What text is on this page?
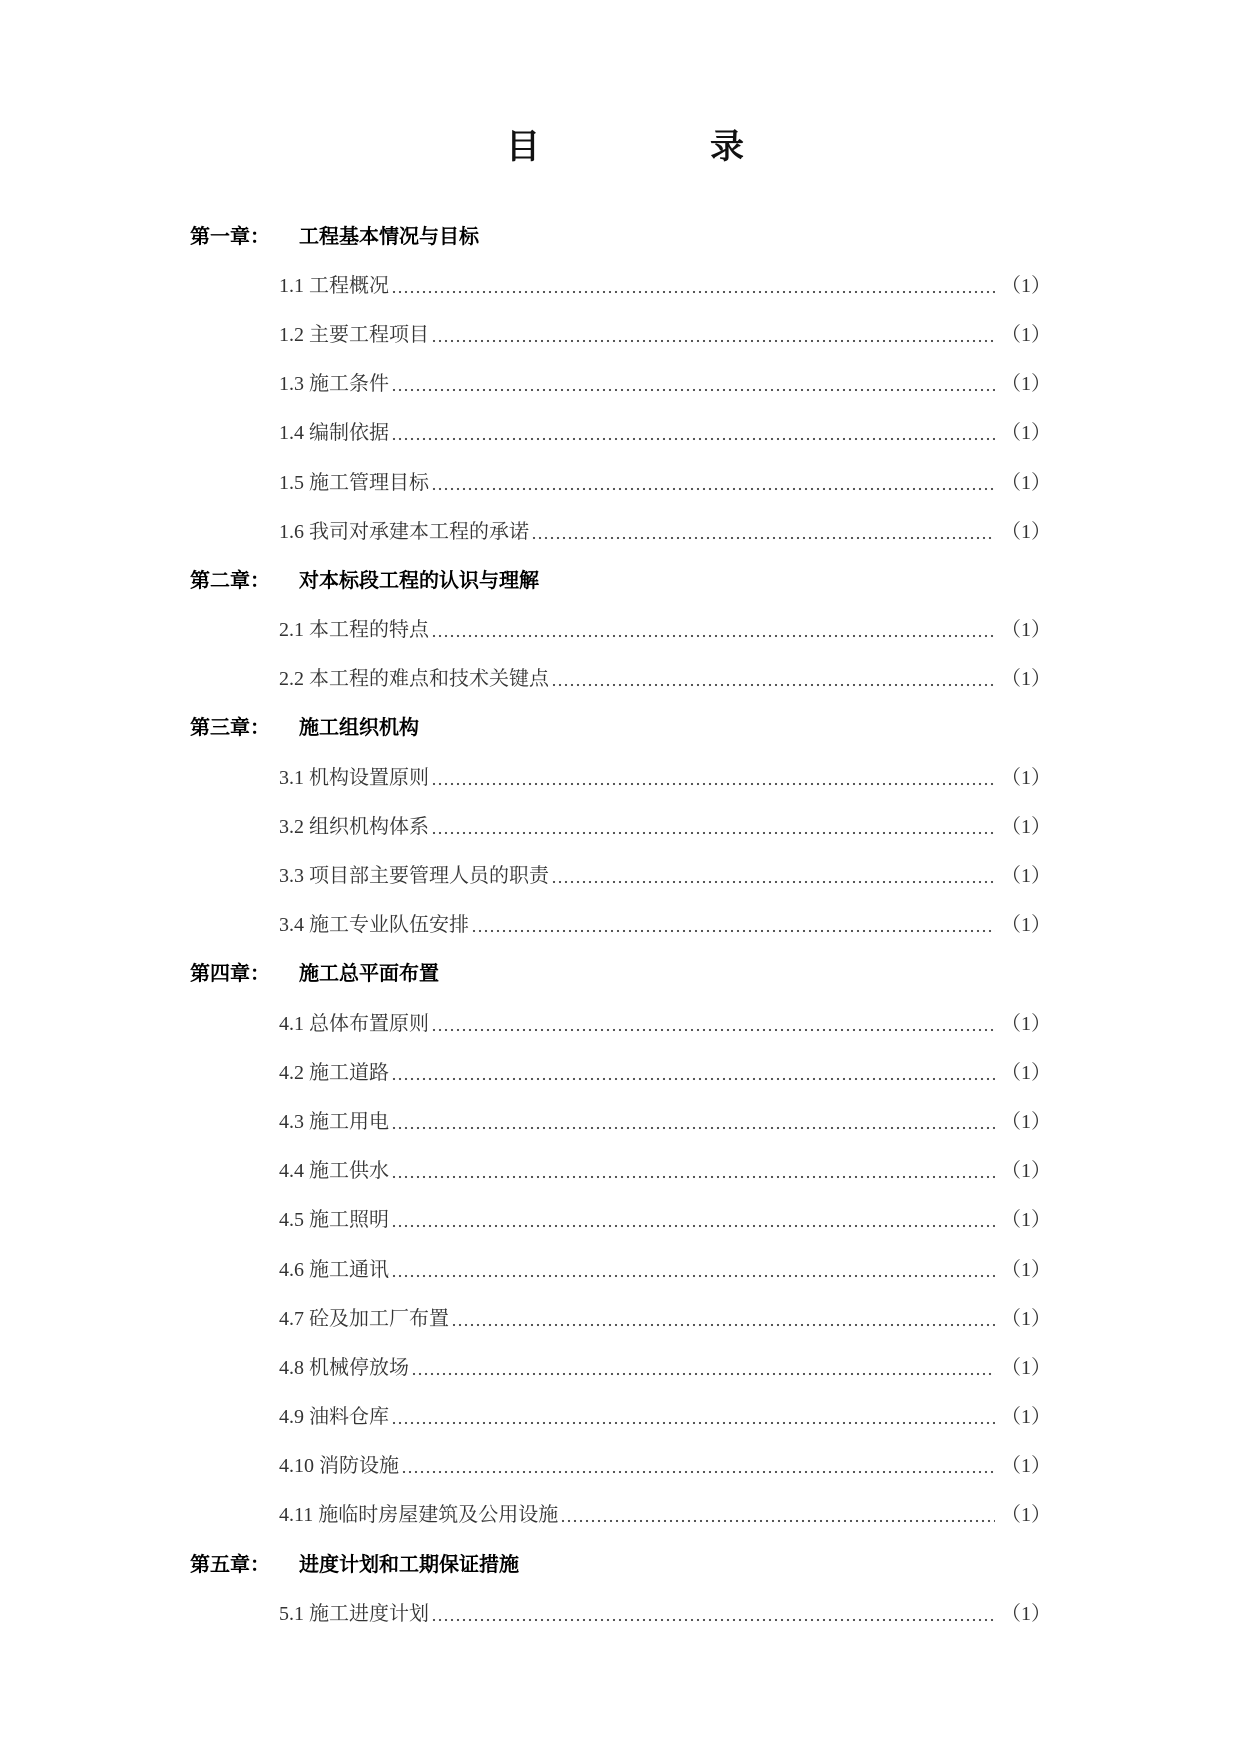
目	录
第一章：	工程基本情况与目标
1.1 工程概况	（1）
1.2 主要工程项目	（1）
1.3 施工条件	（1）
1.4 编制依据	（1）
1.5 施工管理目标	（1）
1.6 我司对承建本工程的承诺	（1）
第二章：	对本标段工程的认识与理解
2.1 本工程的特点	（1）
2.2 本工程的难点和技术关键点	（1）
第三章：	施工组织机构
3.1 机构设置原则	（1）
3.2 组织机构体系	（1）
3.3 项目部主要管理人员的职责	（1）
3.4 施工专业队伍安排	（1）
第四章：	施工总平面布置
4.1 总体布置原则	（1）
4.2 施工道路	（1）
4.3 施工用电	（1）
4.4 施工供水	（1）
4.5 施工照明	（1）
4.6 施工通讯	（1）
4.7 砼及加工厂布置	（1）
4.8 机械停放场	（1）
4.9 油料仓库	（1）
4.10 消防设施	（1）
4.11 施临时房屋建筑及公用设施	（1）
第五章：	进度计划和工期保证措施
5.1 施工进度计划	（1）
